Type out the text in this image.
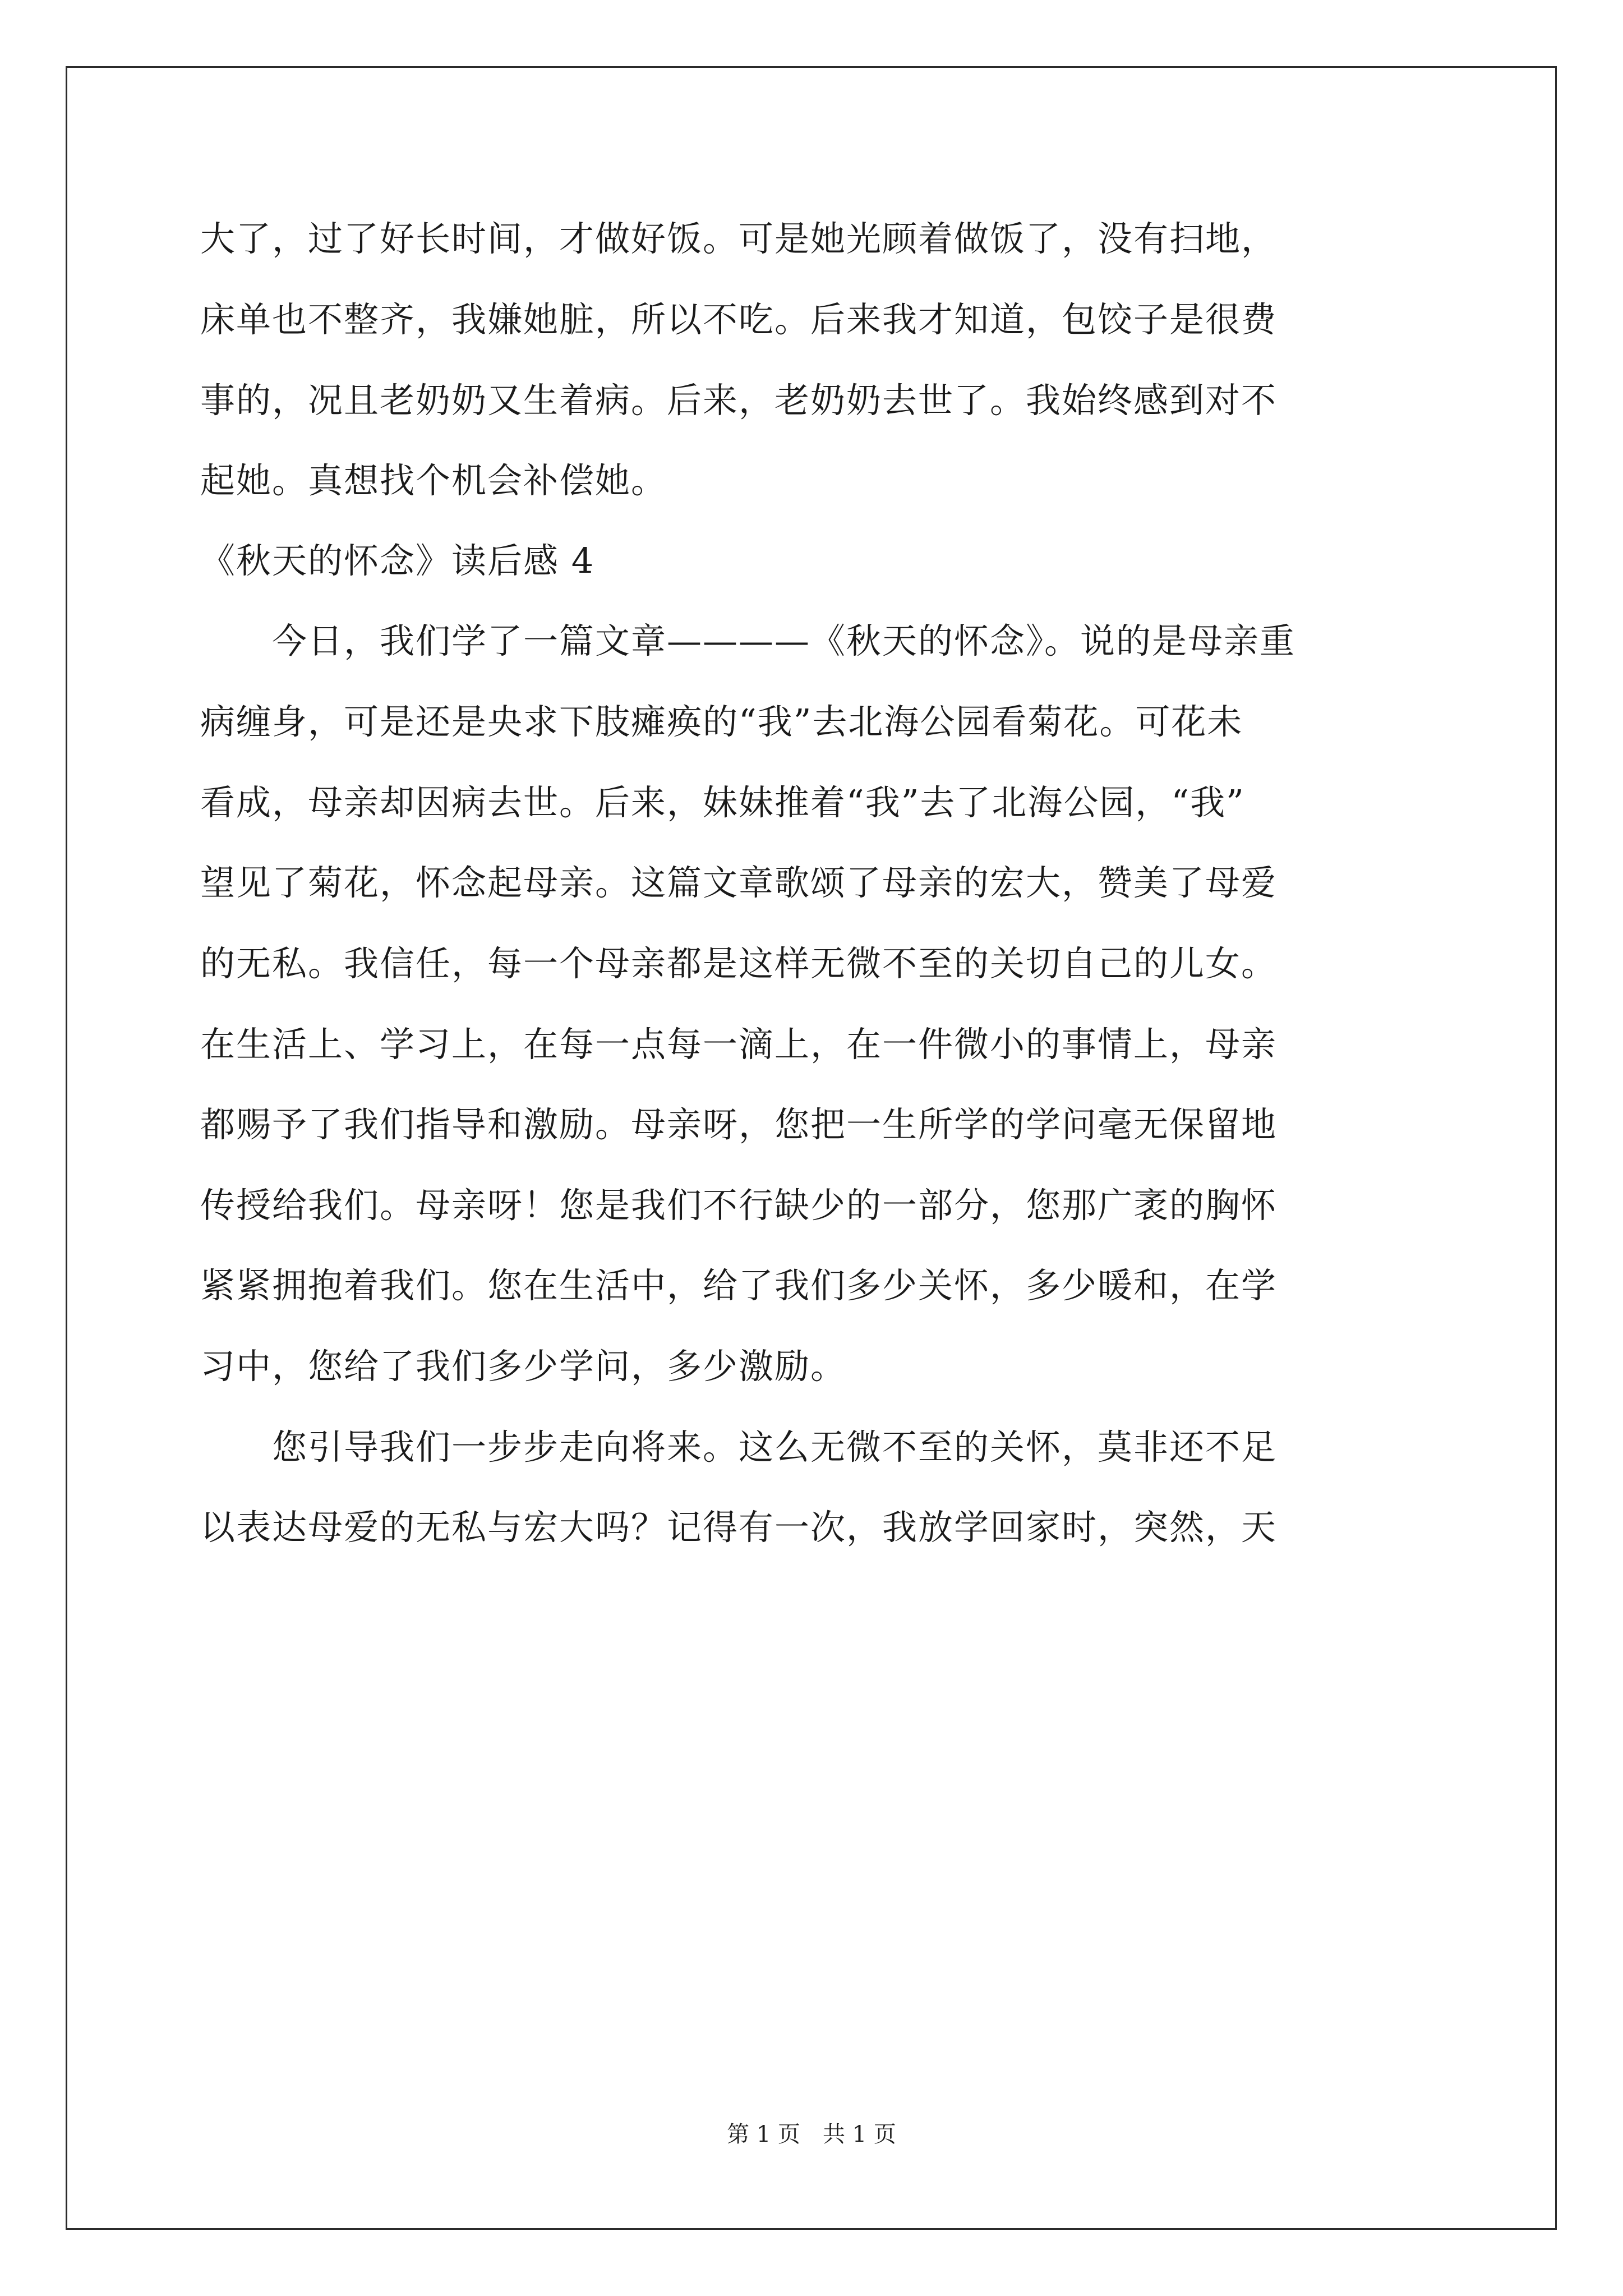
大了，过了好长时间，才做好饭。可是她光顾着做饭了，没有扫地，
床单也不整齐，我嫌她脏，所以不吃。后来我才知道，包饺子是很费
事的，况且老奶奶又生着病。后来，老奶奶去世了。我始终感到对不
起她。真想找个机会补偿她。
《秋天的怀念》读后感 4
　　今日，我们学了一篇文章————《秋天的怀念》。说的是母亲重
病缠身，可是还是央求下肢瘫痪的“我”去北海公园看菊花。可花未
看成，母亲却因病去世。后来，妹妹推着“我”去了北海公园，“我”
望见了菊花，怀念起母亲。这篇文章歌颂了母亲的宏大，赞美了母爱
的无私。我信任，每一个母亲都是这样无微不至的关切自己的儿女。
在生活上、学习上，在每一点每一滴上，在一件微小的事情上，母亲
都赐予了我们指导和激励。母亲呀，您把一生所学的学问毫无保留地
传授给我们。母亲呀！您是我们不行缺少的一部分，您那广袤的胸怀
紧紧拥抱着我们。您在生活中，给了我们多少关怀，多少暖和，在学
习中，您给了我们多少学问，多少激励。
　　您引导我们一步步走向将来。这么无微不至的关怀，莫非还不足
以表达母爱的无私与宏大吗？记得有一次，我放学回家时，突然，天
第 1 页　共 1 页
